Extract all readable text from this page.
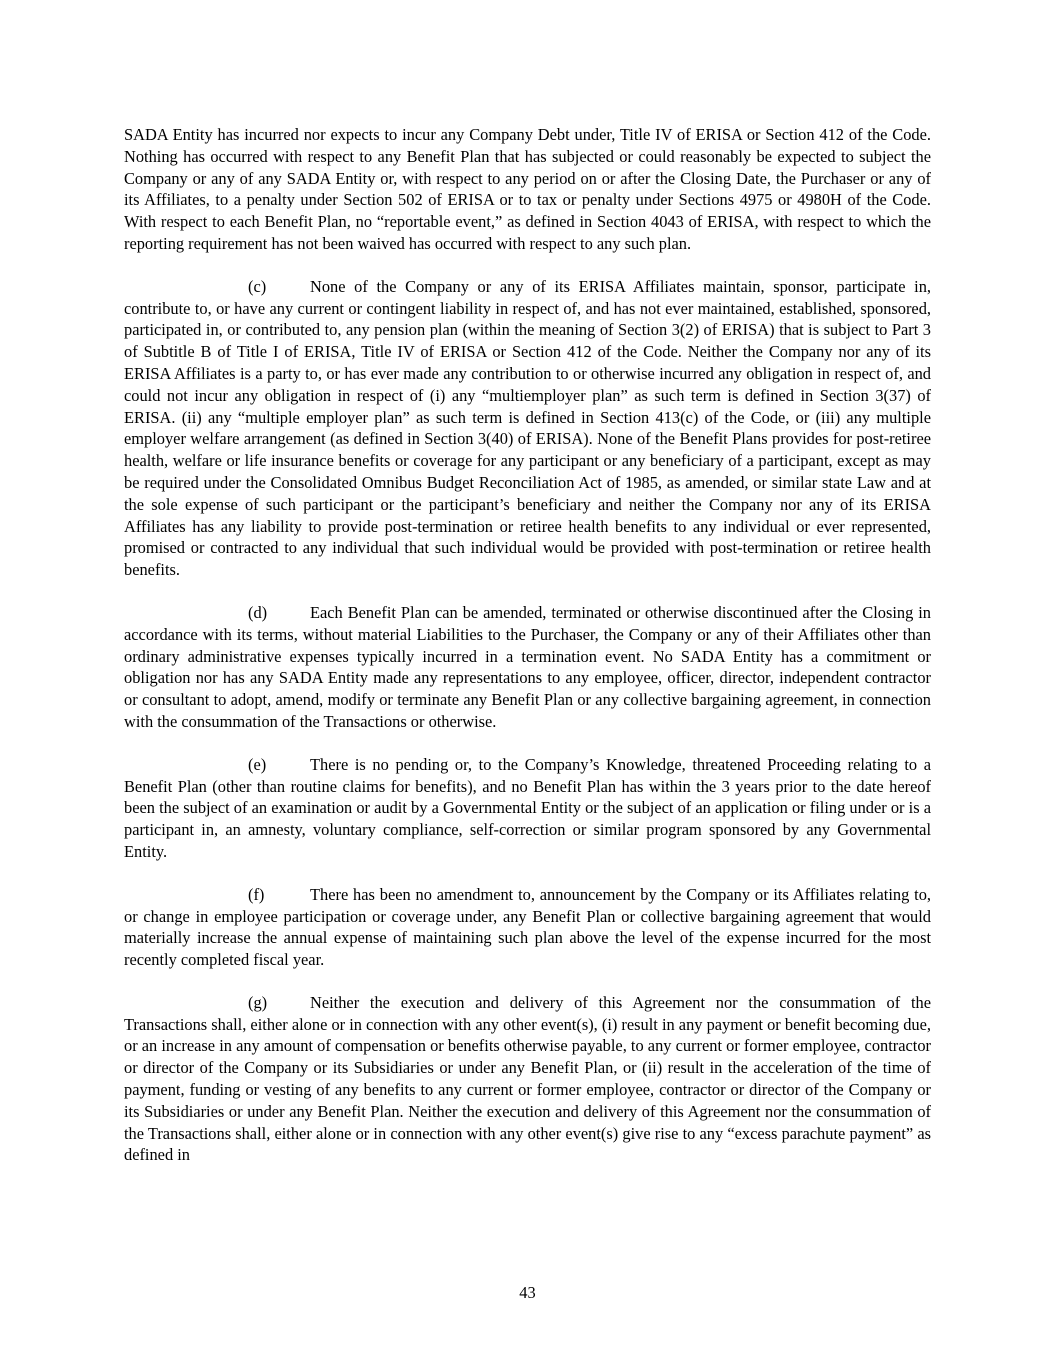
SADA Entity has incurred nor expects to incur any Company Debt under, Title IV of ERISA or Section 412 of the Code. Nothing has occurred with respect to any Benefit Plan that has subjected or could reasonably be expected to subject the Company or any of any SADA Entity or, with respect to any period on or after the Closing Date, the Purchaser or any of its Affiliates, to a penalty under Section 502 of ERISA or to tax or penalty under Sections 4975 or 4980H of the Code. With respect to each Benefit Plan, no “reportable event,” as defined in Section 4043 of ERISA, with respect to which the reporting requirement has not been waived has occurred with respect to any such plan.

(c)	None of the Company or any of its ERISA Affiliates maintain, sponsor, participate in, contribute to, or have any current or contingent liability in respect of, and has not ever maintained, established, sponsored, participated in, or contributed to, any pension plan (within the meaning of Section 3(2) of ERISA) that is subject to Part 3 of Subtitle B of Title I of ERISA, Title IV of ERISA or Section 412 of the Code. Neither the Company nor any of its ERISA Affiliates is a party to, or has ever made any contribution to or otherwise incurred any obligation in respect of, and could not incur any obligation in respect of (i) any “multiemployer plan” as such term is defined in Section 3(37) of ERISA. (ii) any “multiple employer plan” as such term is defined in Section 413(c) of the Code, or (iii) any multiple employer welfare arrangement (as defined in Section 3(40) of ERISA). None of the Benefit Plans provides for post-retiree health, welfare or life insurance benefits or coverage for any participant or any beneficiary of a participant, except as may be required under the Consolidated Omnibus Budget Reconciliation Act of 1985, as amended, or similar state Law and at the sole expense of such participant or the participant’s beneficiary and neither the Company nor any of its ERISA Affiliates has any liability to provide post-termination or retiree health benefits to any individual or ever represented, promised or contracted to any individual that such individual would be provided with post-termination or retiree health benefits.

(d)	Each Benefit Plan can be amended, terminated or otherwise discontinued after the Closing in accordance with its terms, without material Liabilities to the Purchaser, the Company or any of their Affiliates other than ordinary administrative expenses typically incurred in a termination event. No SADA Entity has a commitment or obligation nor has any SADA Entity made any representations to any employee, officer, director, independent contractor or consultant to adopt, amend, modify or terminate any Benefit Plan or any collective bargaining agreement, in connection with the consummation of the Transactions or otherwise.

(e)	There is no pending or, to the Company’s Knowledge, threatened Proceeding relating to a Benefit Plan (other than routine claims for benefits), and no Benefit Plan has within the 3 years prior to the date hereof been the subject of an examination or audit by a Governmental Entity or the subject of an application or filing under or is a participant in, an amnesty, voluntary compliance, self-correction or similar program sponsored by any Governmental Entity.

(f)	There has been no amendment to, announcement by the Company or its Affiliates relating to, or change in employee participation or coverage under, any Benefit Plan or collective bargaining agreement that would materially increase the annual expense of maintaining such plan above the level of the expense incurred for the most recently completed fiscal year.

(g)	Neither the execution and delivery of this Agreement nor the consummation of the Transactions shall, either alone or in connection with any other event(s), (i) result in any payment or benefit becoming due, or an increase in any amount of compensation or benefits otherwise payable, to any current or former employee, contractor or director of the Company or its Subsidiaries or under any Benefit Plan, or (ii) result in the acceleration of the time of payment, funding or vesting of any benefits to any current or former employee, contractor or director of the Company or its Subsidiaries or under any Benefit Plan. Neither the execution and delivery of this Agreement nor the consummation of the Transactions shall, either alone or in connection with any other event(s) give rise to any “excess parachute payment” as defined in

43
